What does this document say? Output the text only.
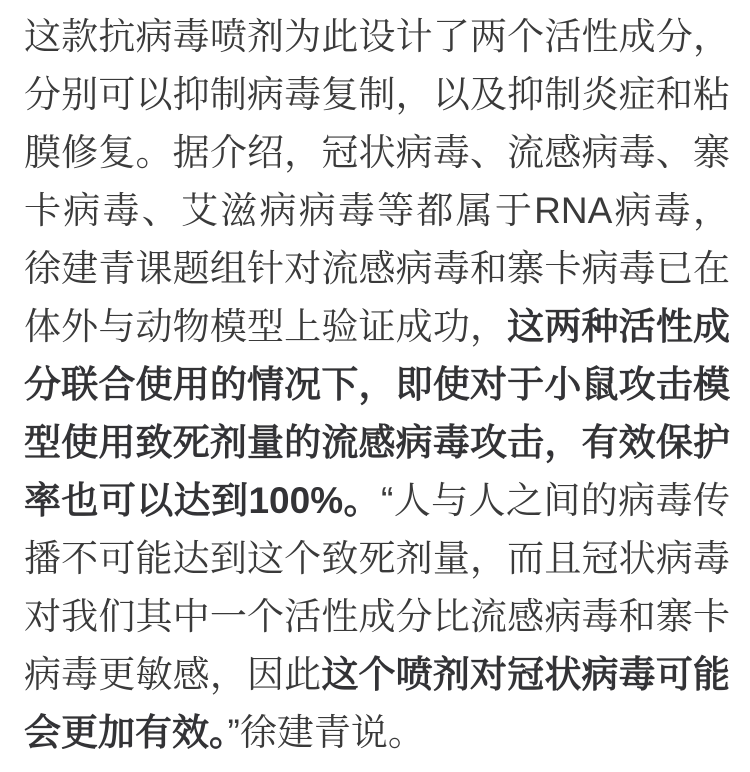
这款抗病毒喷剂为此设计了两个活性成分，分别可以抑制病毒复制，以及抑制炎症和粘膜修复。据介绍，冠状病毒、流感病毒、寨卡病毒、艾滋病病毒等都属于RNA病毒，徐建青课题组针对流感病毒和寨卡病毒已在体外与动物模型上验证成功，这两种活性成分联合使用的情况下，即使对于小鼠攻击模型使用致死剂量的流感病毒攻击，有效保护率也可以达到100%。“人与人之间的病毒传播不可能达到这个致死剂量，而且冠状病毒对我们其中一个活性成分比流感病毒和寨卡病毒更敏感，因此这个喷剂对冠状病毒可能会更加有效。”徐建青说。
